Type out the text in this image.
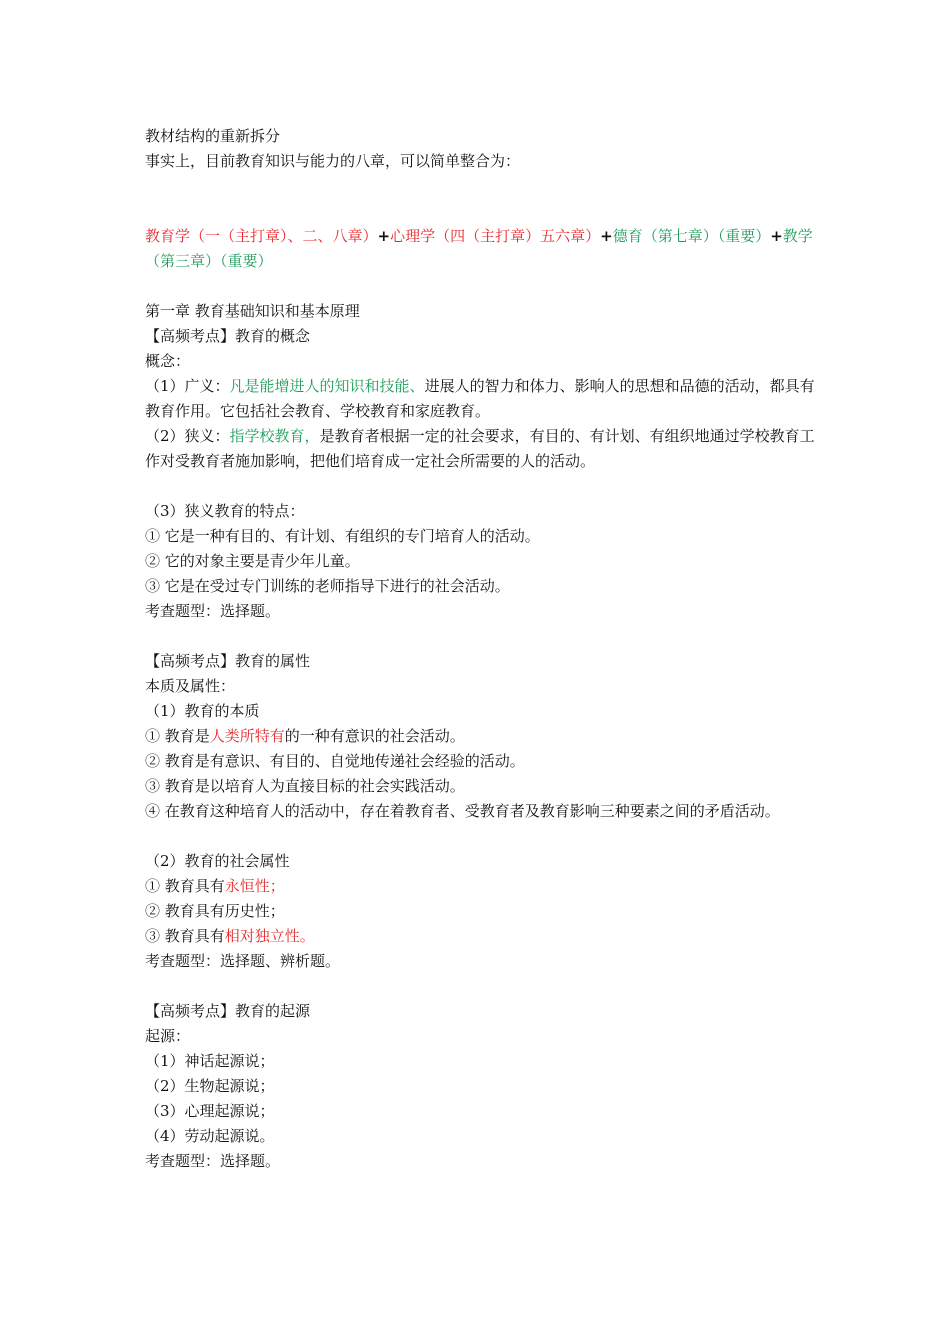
教材结构的重新拆分
事实上，目前教育知识与能力的八章，可以简单整合为：
教育学（一（主打章）、二、八章）+心理学（四（主打章）五六章）+德育（第七章）（重要）+教学（第三章）（重要）
第一章 教育基础知识和基本原理
【高频考点】教育的概念
概念：
（1）广义：凡是能增进人的知识和技能、进展人的智力和体力、影响人的思想和品德的活动，都具有教育作用。它包括社会教育、学校教育和家庭教育。
（2）狭义：指学校教育，是教育者根据一定的社会要求，有目的、有计划、有组织地通过学校教育工作对受教育者施加影响，把他们培育成一定社会所需要的人的活动。
（3）狭义教育的特点：
① 它是一种有目的、有计划、有组织的专门培育人的活动。
② 它的对象主要是青少年儿童。
③ 它是在受过专门训练的老师指导下进行的社会活动。
考查题型：选择题。
【高频考点】教育的属性
本质及属性：
（1）教育的本质
① 教育是人类所特有的一种有意识的社会活动。
② 教育是有意识、有目的、自觉地传递社会经验的活动。
③ 教育是以培育人为直接目标的社会实践活动。
④ 在教育这种培育人的活动中，存在着教育者、受教育者及教育影响三种要素之间的矛盾活动。
（2）教育的社会属性
① 教育具有永恒性；
② 教育具有历史性；
③ 教育具有相对独立性。
考查题型：选择题、辨析题。
【高频考点】教育的起源
起源：
（1）神话起源说；
（2）生物起源说；
（3）心理起源说；
（4）劳动起源说。
考查题型：选择题。
